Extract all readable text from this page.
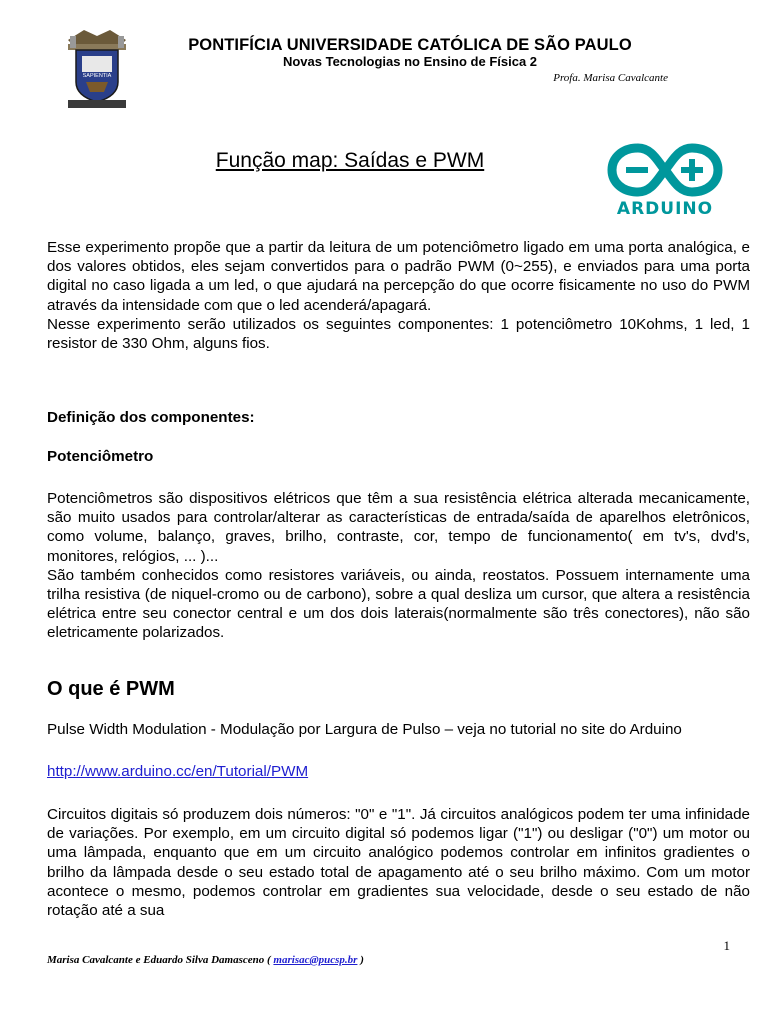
SAPIENTIA
PONTIFÍCIA UNIVERSIDADE CATÓLICA DE SÃO PAULO
Novas Tecnologias no Ensino de Física 2
Profa. Marisa Cavalcante
Função map: Saídas e PWM
ARDUINO

Esse experimento propõe que a partir da leitura de um potenciômetro ligado em uma porta analógica, e dos valores obtidos, eles sejam convertidos para o padrão PWM (0~255), e enviados para uma porta digital no caso ligada a um led, o que ajudará na percepção do que ocorre fisicamente no uso do PWM através da intensidade com que o led acenderá/apagará.

Nesse experimento serão utilizados os seguintes componentes: 1 potenciômetro 10Kohms, 1 led, 1 resistor de 330 Ohm, alguns fios.

Definição dos componentes:
Potenciômetro

Potenciômetros são dispositivos elétricos que têm a sua resistência elétrica alterada mecanicamente, são muito usados para controlar/alterar as características de entrada/saída de aparelhos eletrônicos, como volume, balanço, graves, brilho, contraste, cor, tempo de funcionamento( em tv's, dvd's, monitores, relógios, ... )...

São também conhecidos como resistores variáveis, ou ainda, reostatos. Possuem internamente uma trilha resistiva (de niquel-cromo ou de carbono), sobre a qual desliza um cursor, que altera a resistência elétrica entre seu conector central e um dos dois laterais(normalmente são três conectores), não são eletricamente polarizados.

O que é PWM
Pulse Width Modulation - Modulação por Largura de Pulso – veja no tutorial no site do Arduino
http://www.arduino.cc/en/Tutorial/PWM
Circuitos digitais só produzem dois números: "0" e "1". Já circuitos analógicos podem ter uma infinidade de variações. Por exemplo, em um circuito digital só podemos ligar ("1") ou desligar ("0") um motor ou uma lâmpada, enquanto que em um circuito analógico podemos controlar em infinitos gradientes o brilho da lâmpada desde o seu estado total de apagamento até o seu brilho máximo. Com um motor acontece o mesmo, podemos controlar em gradientes sua velocidade, desde o seu estado de não rotação até a sua
1
Marisa Cavalcante e Eduardo Silva Damasceno ( marisac@pucsp.br )
